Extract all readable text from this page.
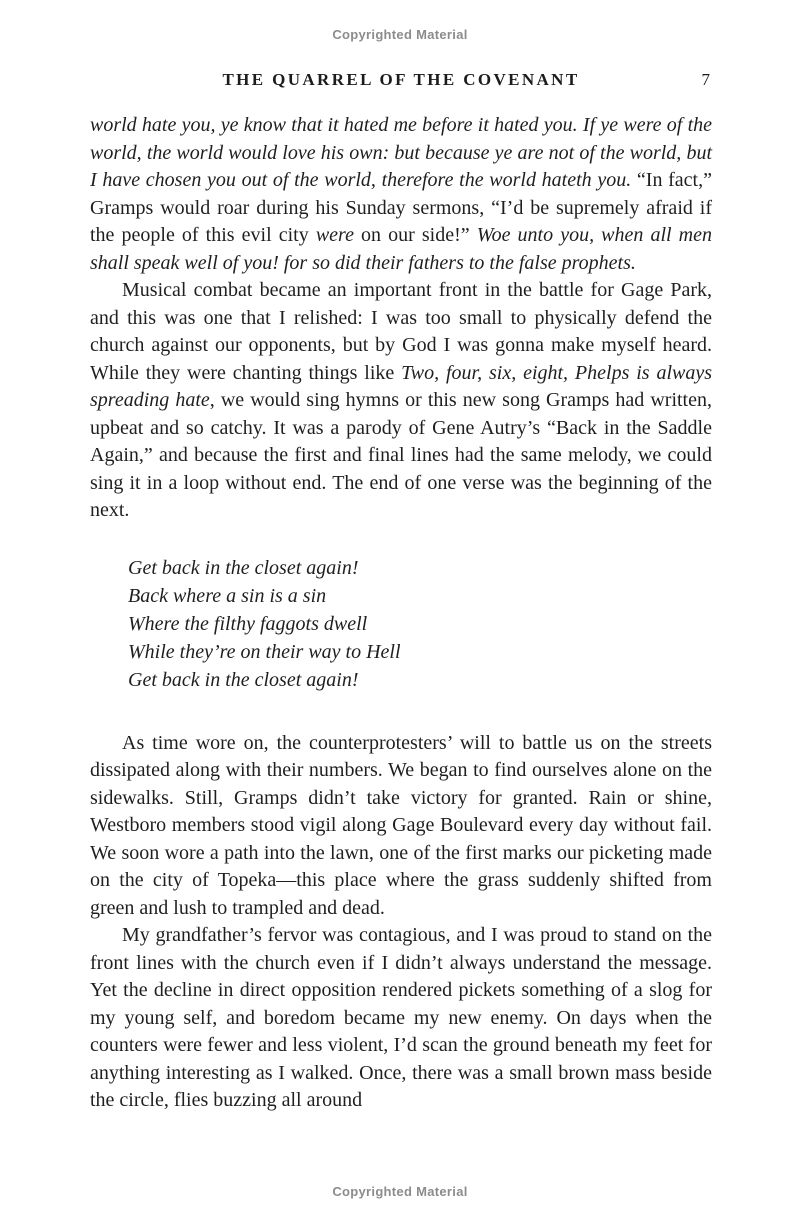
Copyrighted Material
THE QUARREL OF THE COVENANT	7

world hate you, ye know that it hated me before it hated you. If ye were of the world, the world would love his own: but because ye are not of the world, but I have chosen you out of the world, therefore the world hateth you. “In fact,” Gramps would roar during his Sunday sermons, “I’d be supremely afraid if the people of this evil city were on our side!” Woe unto you, when all men shall speak well of you! for so did their fathers to the false prophets.

Musical combat became an important front in the battle for Gage Park, and this was one that I relished: I was too small to physically defend the church against our opponents, but by God I was gonna make myself heard. While they were chanting things like Two, four, six, eight, Phelps is always spreading hate, we would sing hymns or this new song Gramps had written, upbeat and so catchy. It was a parody of Gene Autry’s “Back in the Saddle Again,” and because the first and final lines had the same melody, we could sing it in a loop without end. The end of one verse was the beginning of the next.

Get back in the closet again!
Back where a sin is a sin
Where the filthy faggots dwell
While they’re on their way to Hell
Get back in the closet again!

As time wore on, the counterprotesters’ will to battle us on the streets dissipated along with their numbers. We began to find ourselves alone on the sidewalks. Still, Gramps didn’t take victory for granted. Rain or shine, Westboro members stood vigil along Gage Boulevard every day without fail. We soon wore a path into the lawn, one of the first marks our picketing made on the city of Topeka—this place where the grass suddenly shifted from green and lush to trampled and dead.

My grandfather’s fervor was contagious, and I was proud to stand on the front lines with the church even if I didn’t always understand the message. Yet the decline in direct opposition rendered pickets something of a slog for my young self, and boredom became my new enemy. On days when the counters were fewer and less violent, I’d scan the ground beneath my feet for anything interesting as I walked. Once, there was a small brown mass beside the circle, flies buzzing all around

Copyrighted Material
